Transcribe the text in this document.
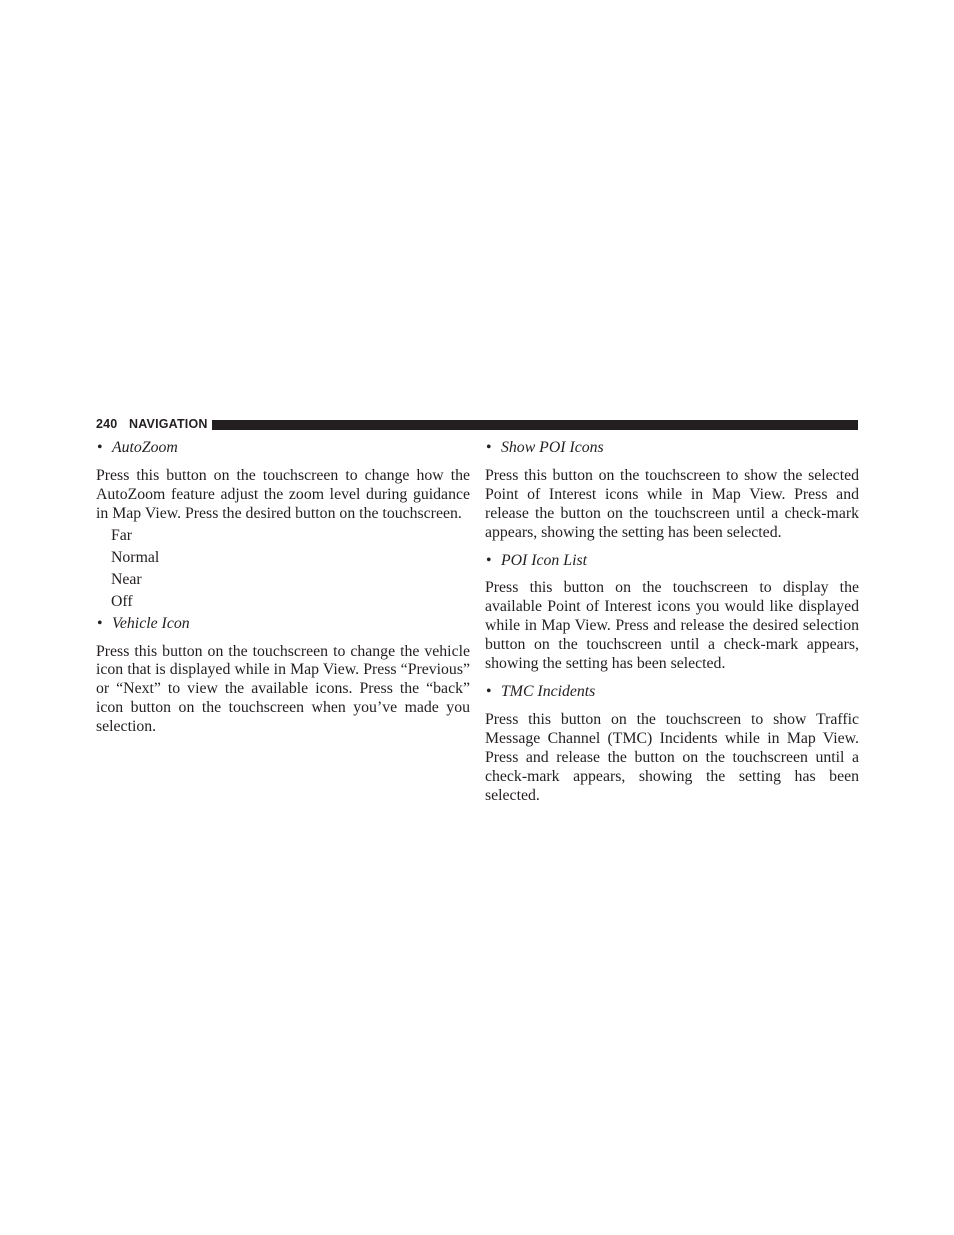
240 NAVIGATION

• AutoZoom

Press this button on the touchscreen to change how the AutoZoom feature adjust the zoom level during guidance in Map View. Press the desired button on the touchscreen.

Far

Normal

Near

Off

• Vehicle Icon

Press this button on the touchscreen to change the vehicle icon that is displayed while in Map View. Press “Previous” or “Next” to view the available icons. Press the “back” icon button on the touchscreen when you’ve made you selection.

• Show POI Icons

Press this button on the touchscreen to show the selected Point of Interest icons while in Map View. Press and release the button on the touchscreen until a check-mark appears, showing the setting has been selected.

• POI Icon List

Press this button on the touchscreen to display the available Point of Interest icons you would like displayed while in Map View. Press and release the desired selection button on the touchscreen until a check-mark appears, showing the setting has been selected.

• TMC Incidents

Press this button on the touchscreen to show Traffic Message Channel (TMC) Incidents while in Map View. Press and release the button on the touchscreen until a check-mark appears, showing the setting has been selected.
